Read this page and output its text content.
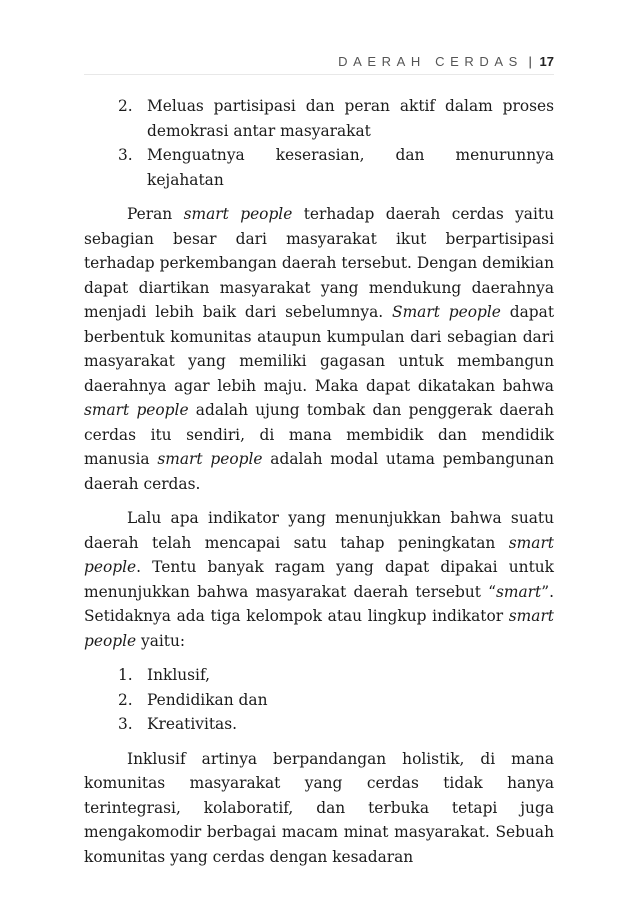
DAERAH CERDAS | 17
2. Meluas partisipasi dan peran aktif dalam proses demokrasi antar masyarakat
3. Menguatnya keserasian, dan menurunnya kejahatan

Peran smart people terhadap daerah cerdas yaitu sebagian besar dari masyarakat ikut berpartisipasi terhadap perkembangan daerah tersebut. Dengan demikian dapat diartikan masyarakat yang mendukung daerahnya menjadi lebih baik dari sebelumnya. Smart people dapat berbentuk komunitas ataupun kumpulan dari sebagian dari masyarakat yang memiliki gagasan untuk membangun daerahnya agar lebih maju. Maka dapat dikatakan bahwa smart people adalah ujung tombak dan penggerak daerah cerdas itu sendiri, di mana membidik dan mendidik manusia smart people adalah modal utama pembangunan daerah cerdas.

Lalu apa indikator yang menunjukkan bahwa suatu daerah telah mencapai satu tahap peningkatan smart people. Tentu banyak ragam yang dapat dipakai untuk menunjukkan bahwa masyarakat daerah tersebut “smart”. Setidaknya ada tiga kelompok atau lingkup indikator smart people yaitu:

1. Inklusif,
2. Pendidikan dan
3. Kreativitas.

Inklusif artinya berpandangan holistik, di mana komunitas masyarakat yang cerdas tidak hanya terintegrasi, kolaboratif, dan terbuka tetapi juga mengakomodir berbagai macam minat masyarakat. Sebuah komunitas yang cerdas dengan kesadaran
